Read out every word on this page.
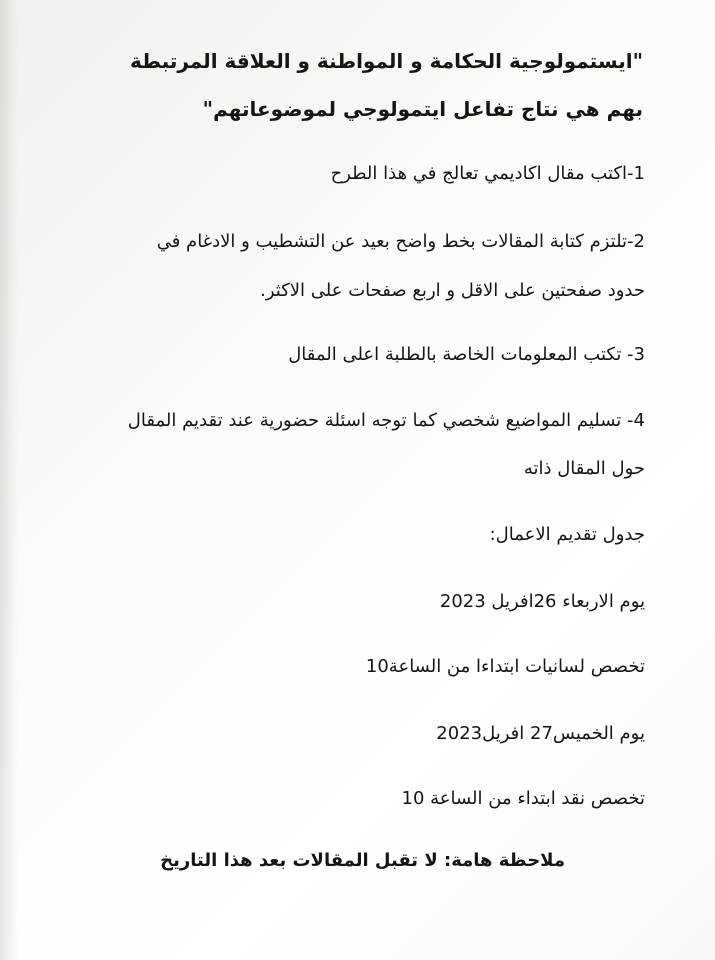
"ايستمولوجية الحكامة و المواطنة و العلاقة المرتبطة
بهم هي نتاج تفاعل ايتمولوجي لموضوعاتهم"
1-اكتب مقال اكاديمي تعالج في هذا الطرح
2-تلتزم كتابة المقالات بخط واضح بعيد عن التشطيب و الادغام في
حدود صفحتين على الاقل و اربع صفحات على الاكثر.
3- تكتب المعلومات الخاصة بالطلبة اعلى المقال
4- تسليم المواضيع شخصي كما توجه اسئلة حضورية عند تقديم المقال
حول المقال ذاته
جدول تقديم الاعمال:
يوم الاربعاء 26افريل 2023
تخصص لسانيات ابتداءا من الساعة10
يوم الخميس27 افريل2023
تخصص نقد ابتداء من الساعة 10
ملاحظة هامة: لا تقبل المقالات بعد هذا التاريخ
